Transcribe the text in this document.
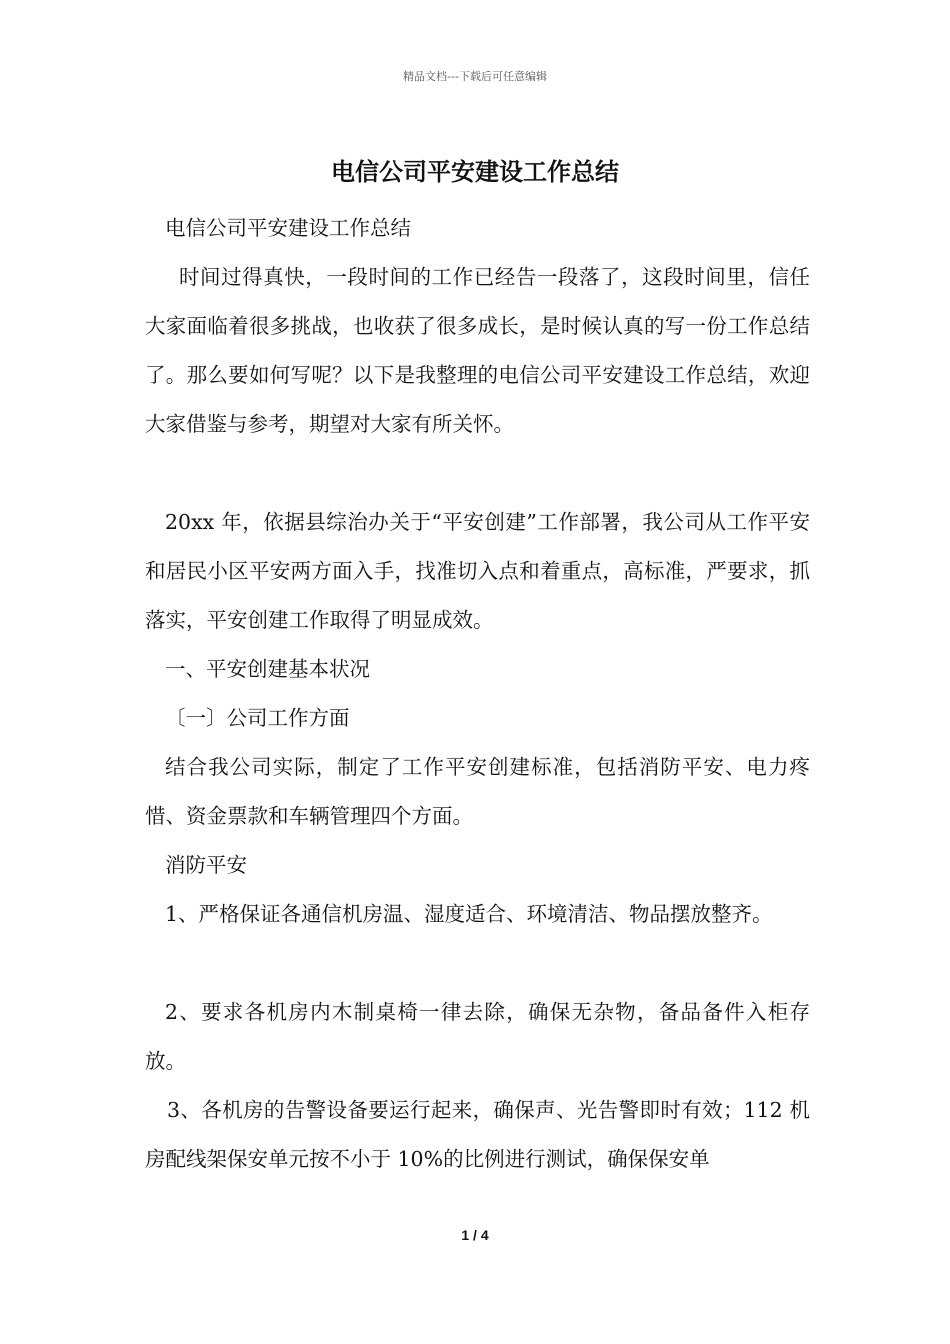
精品文档---下载后可任意编辑
电信公司平安建设工作总结

电信公司平安建设工作总结

时间过得真快，一段时间的工作已经告一段落了，这段时间里，信任大家面临着很多挑战，也收获了很多成长，是时候认真的写一份工作总结了。那么要如何写呢？以下是我整理的电信公司平安建设工作总结，欢迎大家借鉴与参考，期望对大家有所关怀。

20xx 年，依据县综治办关于“平安创建”工作部署，我公司从工作平安和居民小区平安两方面入手，找准切入点和着重点，高标准，严要求，抓落实，平安创建工作取得了明显成效。

一、平安创建基本状况

〔一〕公司工作方面

结合我公司实际，制定了工作平安创建标准，包括消防平安、电力疼惜、资金票款和车辆管理四个方面。

消防平安

1、严格保证各通信机房温、湿度适合、环境清洁、物品摆放整齐。

2、要求各机房内木制桌椅一律去除，确保无杂物，备品备件入柜存放。

3、各机房的告警设备要运行起来，确保声、光告警即时有效；112 机房配线架保安单元按不小于 10%的比例进行测试，确保保安单

1 / 4
